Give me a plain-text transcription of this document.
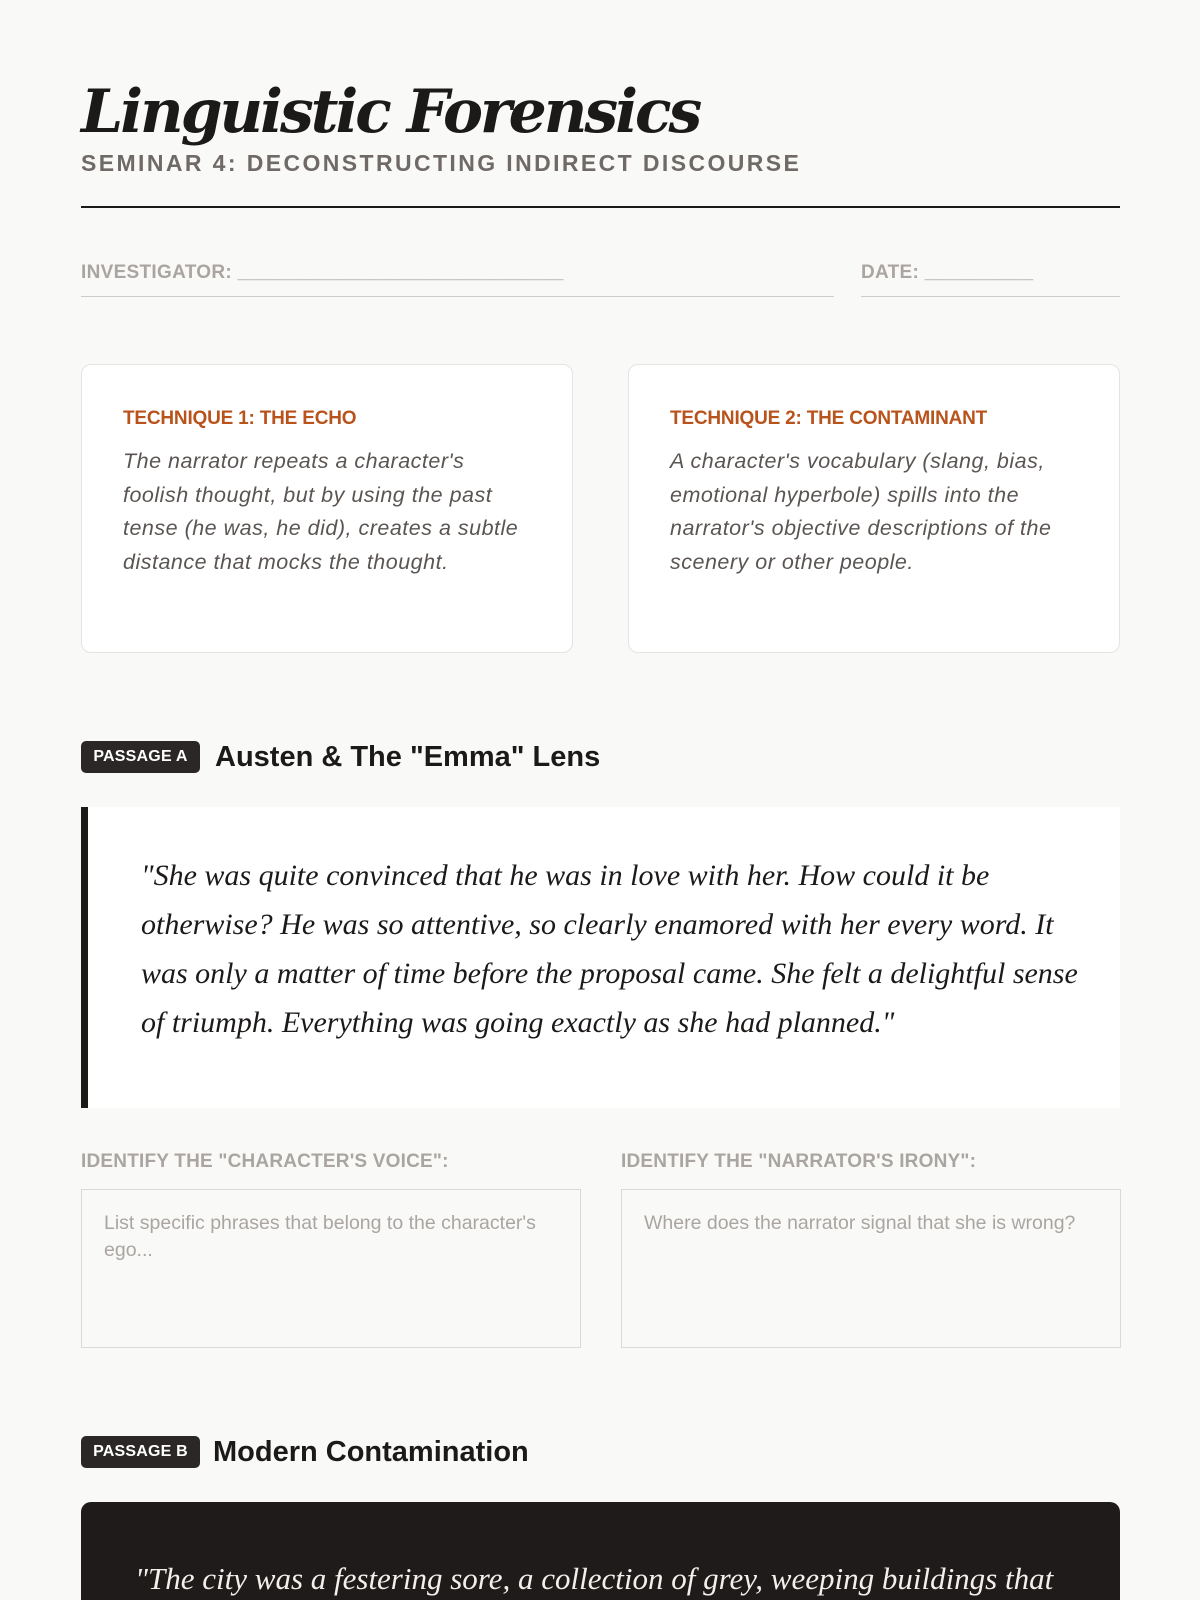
Linguistic Forensics
SEMINAR 4: DECONSTRUCTING INDIRECT DISCOURSE
INVESTIGATOR: ______________________________	DATE: __________
TECHNIQUE 1: THE ECHO

The narrator repeats a character's foolish thought, but by using the past tense (he was, he did), creates a subtle distance that mocks the thought.

TECHNIQUE 2: THE CONTAMINANT

A character's vocabulary (slang, bias, emotional hyperbole) spills into the narrator's objective descriptions of the scenery or other people.

PASSAGE A Austen & The "Emma" Lens

"She was quite convinced that he was in love with her. How could it be otherwise? He was so attentive, so clearly enamored with her every word. It was only a matter of time before the proposal came. She felt a delightful sense of triumph. Everything was going exactly as she had planned."

IDENTIFY THE "CHARACTER'S VOICE":	IDENTIFY THE "NARRATOR'S IRONY":
List specific phrases that belong to the character's ego...
Where does the narrator signal that she is wrong?
PASSAGE B Modern Contamination

"The city was a festering sore, a collection of grey, weeping buildings that
